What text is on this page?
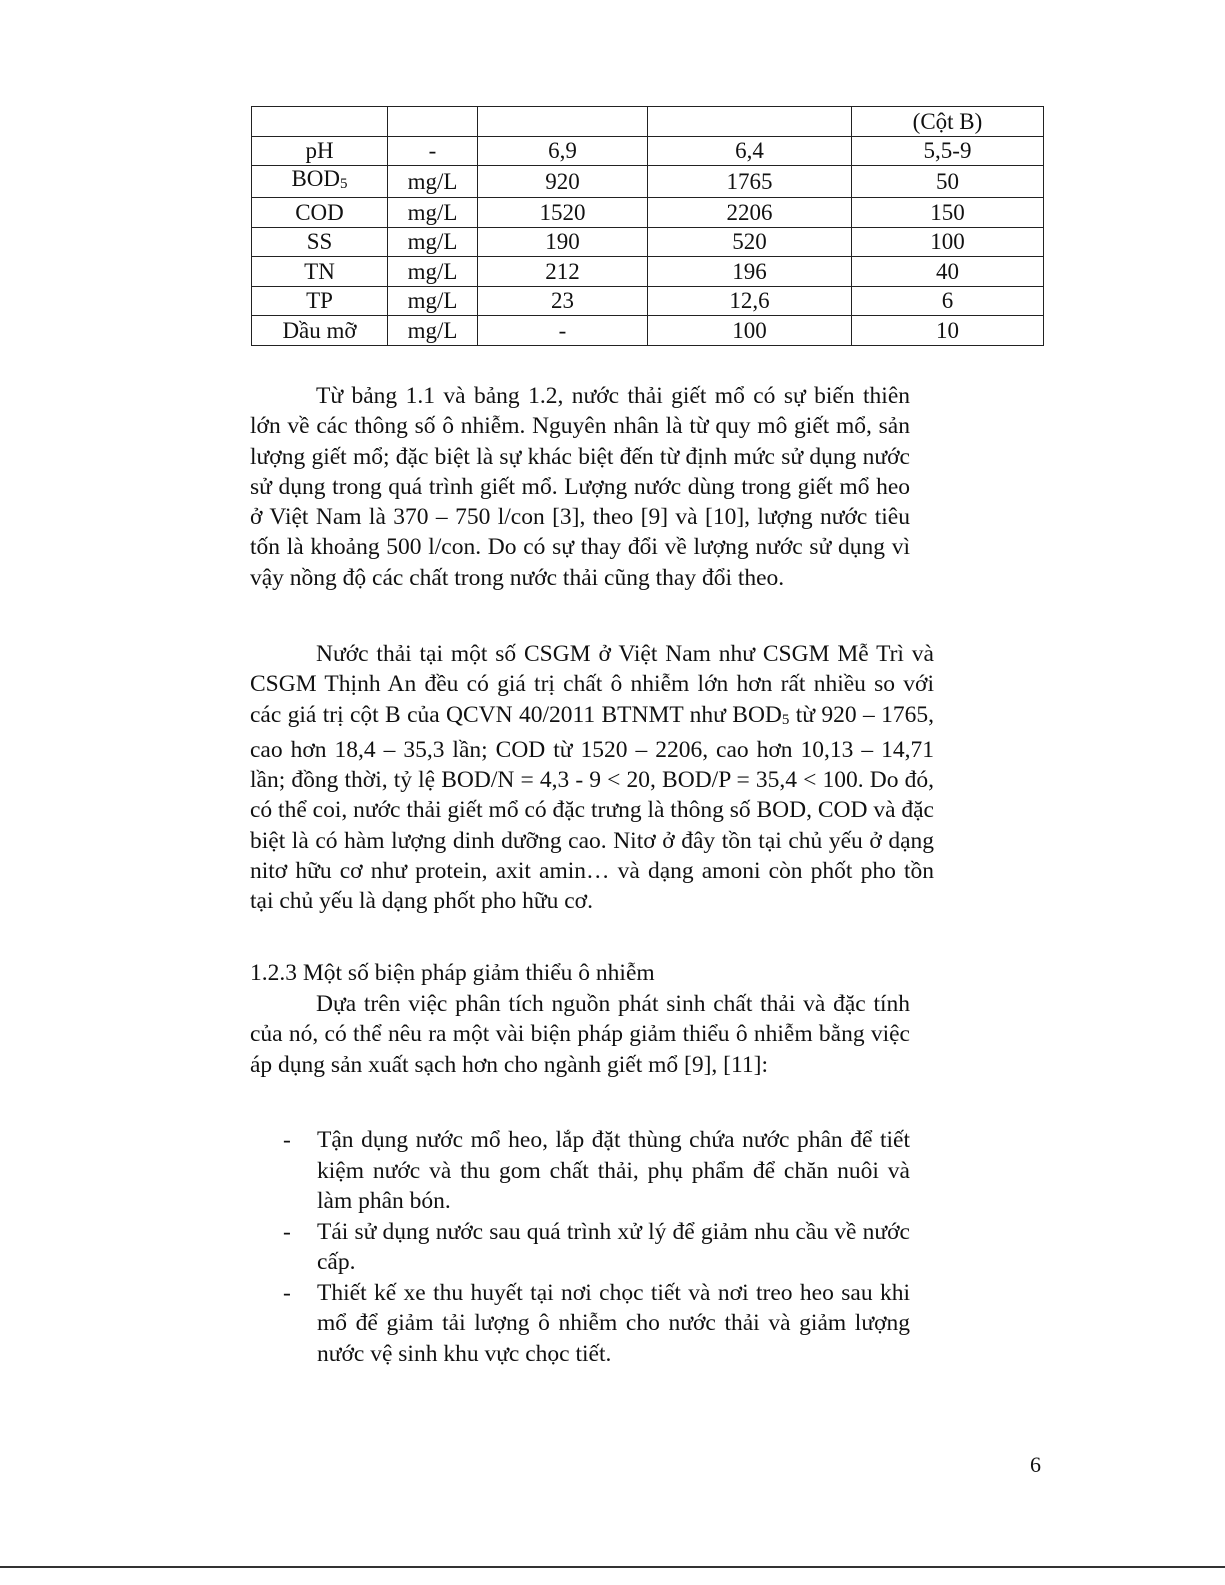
				(Cột B)
pH	-	6,9	6,4	5,5-9
$BOD_5$	mg/L	920	1765	50
COD	mg/L	1520	2206	150
SS	mg/L	190	520	100
TN	mg/L	212	196	40
TP	mg/L	23	12,6	6
Dầu mỡ	mg/L	-	100	10

Từ bảng 1.1 và bảng 1.2, nước thải giết mổ có sự biến thiên lớn về các thông số ô nhiễm. Nguyên nhân là từ quy mô giết mổ, sản lượng giết mổ; đặc biệt là sự khác biệt đến từ định mức sử dụng nước sử dụng trong quá trình giết mổ. Lượng nước dùng trong giết mổ heo ở Việt Nam là 370 – 750 l/con [3], theo [9] và [10], lượng nước tiêu tốn là khoảng 500 l/con. Do có sự thay đổi về lượng nước sử dụng vì vậy nồng độ các chất trong nước thải cũng thay đổi theo.

Nước thải tại một số CSGM ở Việt Nam như CSGM Mễ Trì và CSGM Thịnh An đều có giá trị chất ô nhiễm lớn hơn rất nhiều so với các giá trị cột B của QCVN 40/2011 BTNMT như $BOD_5$ từ 920 – 1765, cao hơn 18,4 – 35,3 lần; COD từ 1520 – 2206, cao hơn 10,13 – 14,71 lần; đồng thời, tỷ lệ BOD/N = 4,3 - 9 < 20, BOD/P = 35,4 < 100. Do đó, có thể coi, nước thải giết mổ có đặc trưng là thông số BOD, COD và đặc biệt là có hàm lượng dinh dưỡng cao. Nitơ ở đây tồn tại chủ yếu ở dạng nitơ hữu cơ như protein, axit amin… và dạng amoni còn phốt pho tồn tại chủ yếu là dạng phốt pho hữu cơ.

1.2.3 Một số biện pháp giảm thiểu ô nhiễm

Dựa trên việc phân tích nguồn phát sinh chất thải và đặc tính của nó, có thể nêu ra một vài biện pháp giảm thiểu ô nhiễm bằng việc áp dụng sản xuất sạch hơn cho ngành giết mổ [9], [11]:

- Tận dụng nước mổ heo, lắp đặt thùng chứa nước phân để tiết kiệm nước và thu gom chất thải, phụ phẩm để chăn nuôi và làm phân bón.
- Tái sử dụng nước sau quá trình xử lý để giảm nhu cầu về nước cấp.
- Thiết kế xe thu huyết tại nơi chọc tiết và nơi treo heo sau khi mổ để giảm tải lượng ô nhiễm cho nước thải và giảm lượng nước vệ sinh khu vực chọc tiết.
6
